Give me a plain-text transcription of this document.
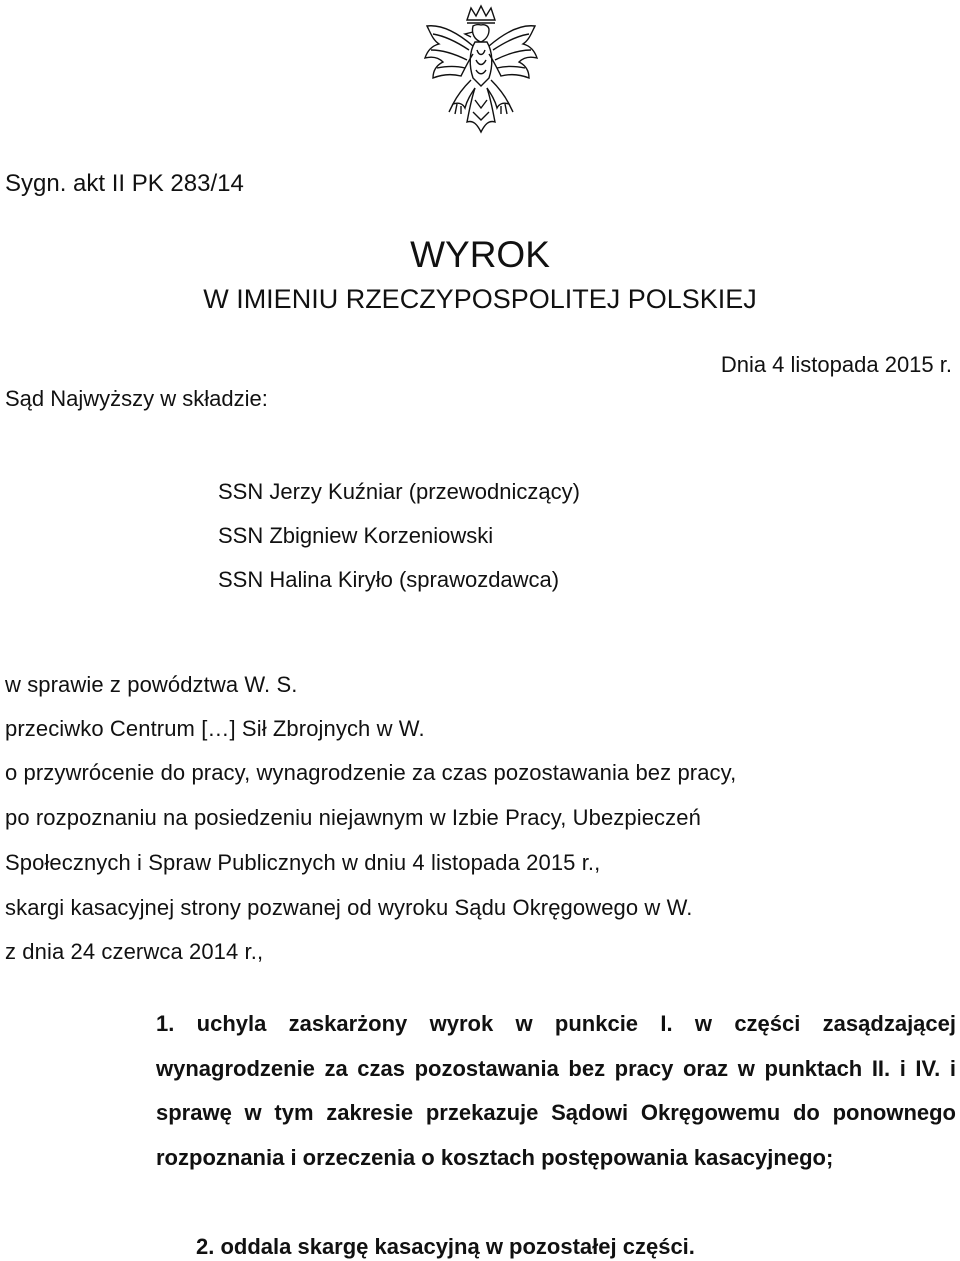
Sygn. akt II PK 283/14
WYROK
W IMIENIU RZECZYPOSPOLITEJ POLSKIEJ
Dnia 4 listopada 2015 r.
Sąd Najwyższy w składzie:
SSN Jerzy Kuźniar (przewodniczący)
SSN Zbigniew Korzeniowski
SSN Halina Kiryło (sprawozdawca)
w sprawie z powództwa W. S.
przeciwko Centrum […] Sił Zbrojnych w W.
o przywrócenie do pracy, wynagrodzenie za czas pozostawania bez pracy,
po rozpoznaniu na posiedzeniu niejawnym w Izbie Pracy, Ubezpieczeń
Społecznych i Spraw Publicznych w dniu 4 listopada 2015 r.,
skargi kasacyjnej strony pozwanej od wyroku Sądu Okręgowego w W.
z dnia 24 czerwca 2014 r.,
1. uchyla zaskarżony wyrok w punkcie I. w części zasądzającej wynagrodzenie za czas pozostawania bez pracy oraz w punktach II. i IV. i sprawę w tym zakresie przekazuje Sądowi Okręgowemu do ponownego rozpoznania i orzeczenia o kosztach postępowania kasacyjnego;
2. oddala skargę kasacyjną w pozostałej części.
